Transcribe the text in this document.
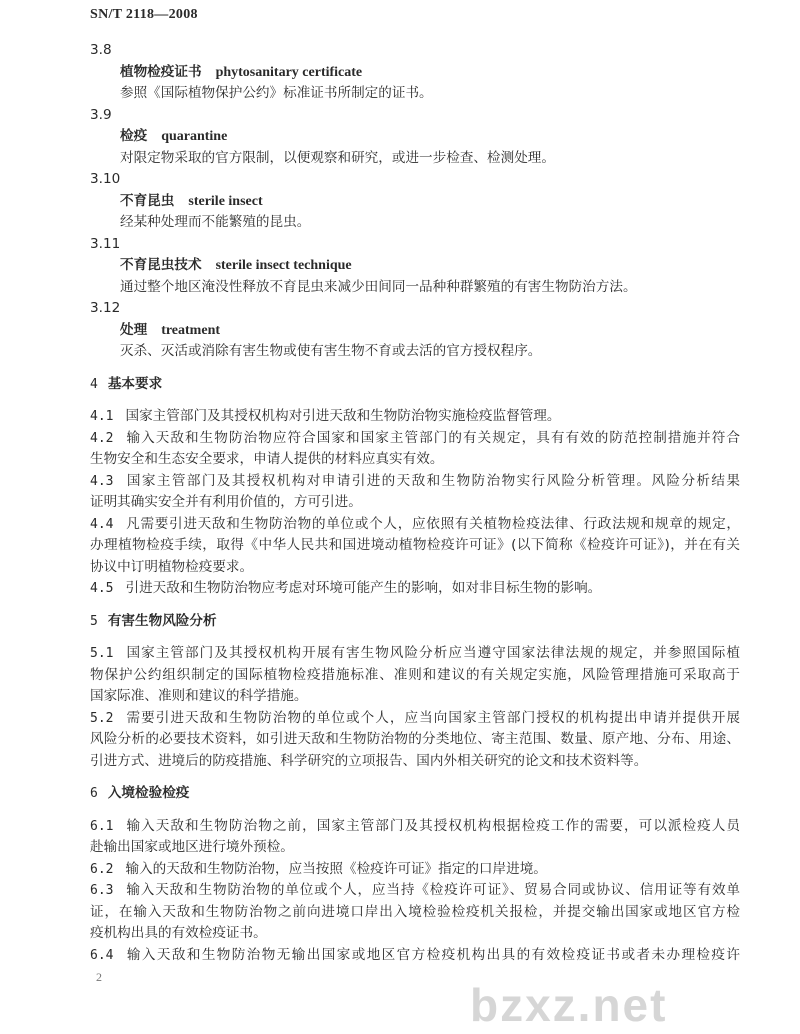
SN/T 2118—2008
3.8
植物检疫证书 phytosanitary certificate
参照《国际植物保护公约》标准证书所制定的证书。
3.9
检疫 quarantine
对限定物采取的官方限制，以便观察和研究，或进一步检查、检测处理。
3.10
不育昆虫 sterile insect
经某种处理而不能繁殖的昆虫。
3.11
不育昆虫技术 sterile insect technique
通过整个地区淹没性释放不育昆虫来减少田间同一品种种群繁殖的有害生物防治方法。
3.12
处理 treatment
灭杀、灭活或消除有害生物或使有害生物不育或去活的官方授权程序。
4 基本要求
4.1 国家主管部门及其授权机构对引进天敌和生物防治物实施检疫监督管理。
4.2 输入天敌和生物防治物应符合国家和国家主管部门的有关规定，具有有效的防范控制措施并符合
生物安全和生态安全要求，申请人提供的材料应真实有效。
4.3 国家主管部门及其授权机构对申请引进的天敌和生物防治物实行风险分析管理。风险分析结果
证明其确实安全并有利用价值的，方可引进。
4.4 凡需要引进天敌和生物防治物的单位或个人，应依照有关植物检疫法律、行政法规和规章的规定，
办理植物检疫手续，取得《中华人民共和国进境动植物检疫许可证》(以下简称《检疫许可证》)，并在有关
协议中订明植物检疫要求。
4.5 引进天敌和生物防治物应考虑对环境可能产生的影响，如对非目标生物的影响。
5 有害生物风险分析
5.1 国家主管部门及其授权机构开展有害生物风险分析应当遵守国家法律法规的规定，并参照国际植
物保护公约组织制定的国际植物检疫措施标准、准则和建议的有关规定实施，风险管理措施可采取高于
国家际准、准则和建议的科学措施。
5.2 需要引进天敌和生物防治物的单位或个人，应当向国家主管部门授权的机构提出申请并提供开展
风险分析的必要技术资料，如引进天敌和生物防治物的分类地位、寄主范围、数量、原产地、分布、用途、
引进方式、进境后的防疫措施、科学研究的立项报告、国内外相关研究的论文和技术资料等。
6 入境检验检疫
6.1 输入天敌和生物防治物之前，国家主管部门及其授权机构根据检疫工作的需要，可以派检疫人员
赴输出国家或地区进行境外预检。
6.2 输入的天敌和生物防治物，应当按照《检疫许可证》指定的口岸进境。
6.3 输入天敌和生物防治物的单位或个人，应当持《检疫许可证》、贸易合同或协议、信用证等有效单
证，在输入天敌和生物防治物之前向进境口岸出入境检验检疫机关报检，并提交输出国家或地区官方检
疫机构出具的有效检疫证书。
6.4 输入天敌和生物防治物无输出国家或地区官方检疫机构出具的有效检疫证书或者未办理检疫许
2
bzxz.net
